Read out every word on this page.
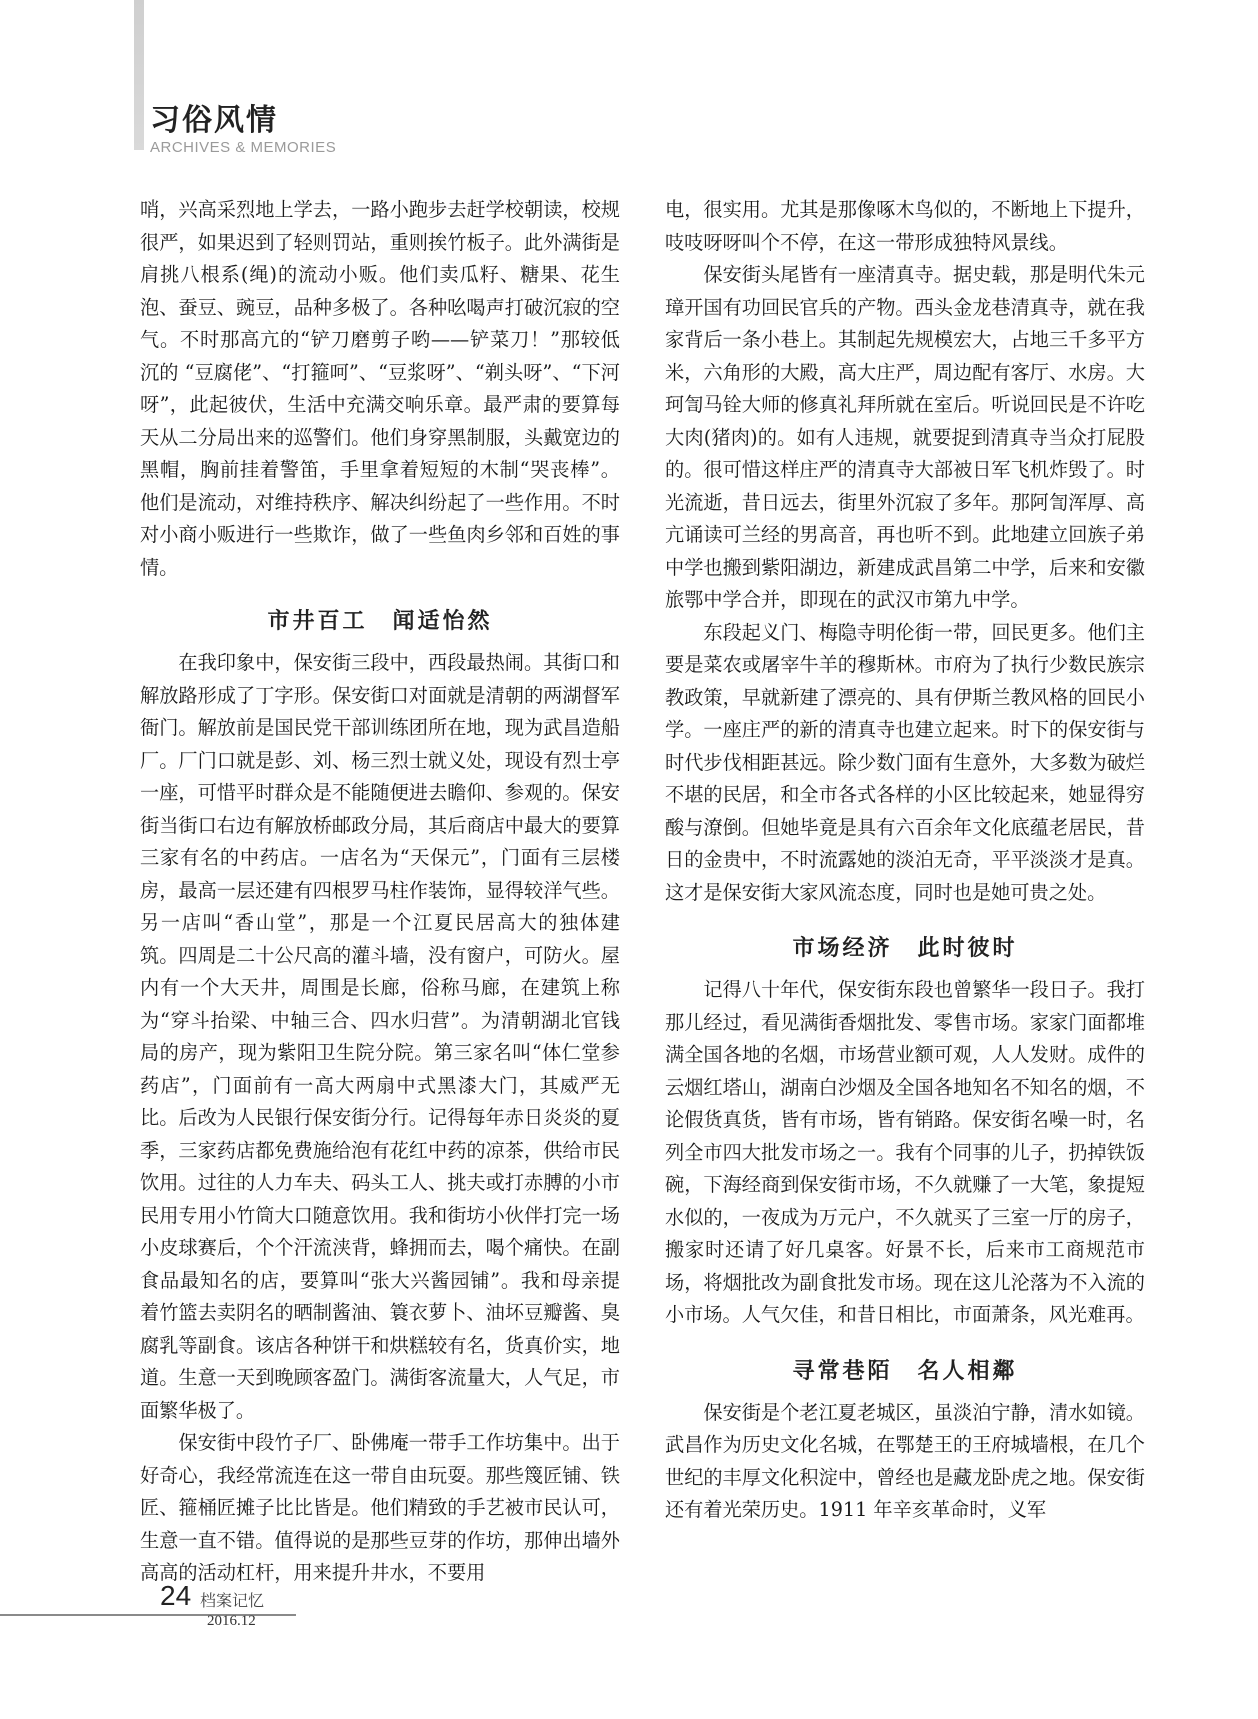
习俗风情
ARCHIVES & MEMORIES

哨，兴高采烈地上学去，一路小跑步去赶学校朝读，校规很严，如果迟到了轻则罚站，重则挨竹板子。此外满街是肩挑八根系(绳)的流动小贩。他们卖瓜籽、糖果、花生泡、蚕豆、豌豆，品种多极了。各种吆喝声打破沉寂的空气。不时那高亢的“铲刀磨剪子哟——铲菜刀！”那较低沉的 “豆腐佬”、“打箍呵”、“豆浆呀”、“剃头呀”、“下河呀”，此起彼伏，生活中充满交响乐章。最严肃的要算每天从二分局出来的巡警们。他们身穿黑制服，头戴宽边的黑帽，胸前挂着警笛，手里拿着短短的木制“哭丧棒”。他们是流动，对维持秩序、解决纠纷起了一些作用。不时对小商小贩进行一些欺诈，做了一些鱼肉乡邻和百姓的事情。

市井百工　闻适怡然

在我印象中，保安街三段中，西段最热闹。其街口和解放路形成了丁字形。保安街口对面就是清朝的两湖督军衙门。解放前是国民党干部训练团所在地，现为武昌造船厂。厂门口就是彭、刘、杨三烈士就义处，现设有烈士亭一座，可惜平时群众是不能随便进去瞻仰、参观的。保安街当街口右边有解放桥邮政分局，其后商店中最大的要算三家有名的中药店。一店名为“天保元”，门面有三层楼房，最高一层还建有四根罗马柱作装饰，显得较洋气些。另一店叫“香山堂”，那是一个江夏民居高大的独体建筑。四周是二十公尺高的灌斗墙，没有窗户，可防火。屋内有一个大天井，周围是长廊，俗称马廊，在建筑上称为“穿斗抬梁、中轴三合、四水归营”。为清朝湖北官钱局的房产，现为紫阳卫生院分院。第三家名叫“体仁堂参药店”，门面前有一高大两扇中式黑漆大门，其威严无比。后改为人民银行保安街分行。记得每年赤日炎炎的夏季，三家药店都免费施给泡有花红中药的凉茶，供给市民饮用。过往的人力车夫、码头工人、挑夫或打赤膊的小市民用专用小竹筒大口随意饮用。我和街坊小伙伴打完一场小皮球赛后，个个汗流浃背，蜂拥而去，喝个痛快。在副食品最知名的店，要算叫“张大兴酱园铺”。我和母亲提着竹篮去卖阴名的晒制酱油、簑衣萝卜、油坏豆瓣酱、臭腐乳等副食。该店各种饼干和烘糕较有名，货真价实，地道。生意一天到晚顾客盈门。满街客流量大，人气足，市面繁华极了。

保安街中段竹子厂、卧佛庵一带手工作坊集中。出于好奇心，我经常流连在这一带自由玩耍。那些篾匠铺、铁匠、箍桶匠摊子比比皆是。他们精致的手艺被市民认可，生意一直不错。值得说的是那些豆芽的作坊，那伸出墙外高高的活动杠杆，用来提升井水，不要用

电，很实用。尤其是那像啄木鸟似的，不断地上下提升，吱吱呀呀叫个不停，在这一带形成独特风景线。

保安街头尾皆有一座清真寺。据史载，那是明代朱元璋开国有功回民官兵的产物。西头金龙巷清真寺，就在我家背后一条小巷上。其制起先规模宏大，占地三千多平方米，六角形的大殿，高大庄严，周边配有客厅、水房。大珂訇马铨大师的修真礼拜所就在室后。听说回民是不许吃大肉(猪肉)的。如有人违规，就要捉到清真寺当众打屁股的。很可惜这样庄严的清真寺大部被日军飞机炸毁了。时光流逝，昔日远去，街里外沉寂了多年。那阿訇浑厚、高亢诵读可兰经的男高音，再也听不到。此地建立回族子弟中学也搬到紫阳湖边，新建成武昌第二中学，后来和安徽旅鄂中学合并，即现在的武汉市第九中学。

东段起义门、梅隐寺明伦街一带，回民更多。他们主要是菜农或屠宰牛羊的穆斯林。市府为了执行少数民族宗教政策，早就新建了漂亮的、具有伊斯兰教风格的回民小学。一座庄严的新的清真寺也建立起来。时下的保安街与时代步伐相距甚远。除少数门面有生意外，大多数为破烂不堪的民居，和全市各式各样的小区比较起来，她显得穷酸与潦倒。但她毕竟是具有六百余年文化底蕴老居民，昔日的金贵中，不时流露她的淡泊无奇，平平淡淡才是真。这才是保安街大家风流态度，同时也是她可贵之处。

市场经济　此时彼时

记得八十年代，保安街东段也曾繁华一段日子。我打那儿经过，看见满街香烟批发、零售市场。家家门面都堆满全国各地的名烟，市场营业额可观，人人发财。成件的云烟红塔山，湖南白沙烟及全国各地知名不知名的烟，不论假货真货，皆有市场，皆有销路。保安街名噪一时，名列全市四大批发市场之一。我有个同事的儿子，扔掉铁饭碗，下海经商到保安街市场，不久就赚了一大笔，象提短水似的，一夜成为万元户，不久就买了三室一厅的房子，搬家时还请了好几桌客。好景不长，后来市工商规范市场，将烟批改为副食批发市场。现在这儿沦落为不入流的小市场。人气欠佳，和昔日相比，市面萧条，风光难再。

寻常巷陌　名人相鄰

保安街是个老江夏老城区，虽淡泊宁静，清水如镜。武昌作为历史文化名城，在鄂楚王的王府城墙根，在几个世纪的丰厚文化积淀中，曾经也是藏龙卧虎之地。保安街还有着光荣历史。1911 年辛亥革命时，义军

24 档案记忆
2016.12
